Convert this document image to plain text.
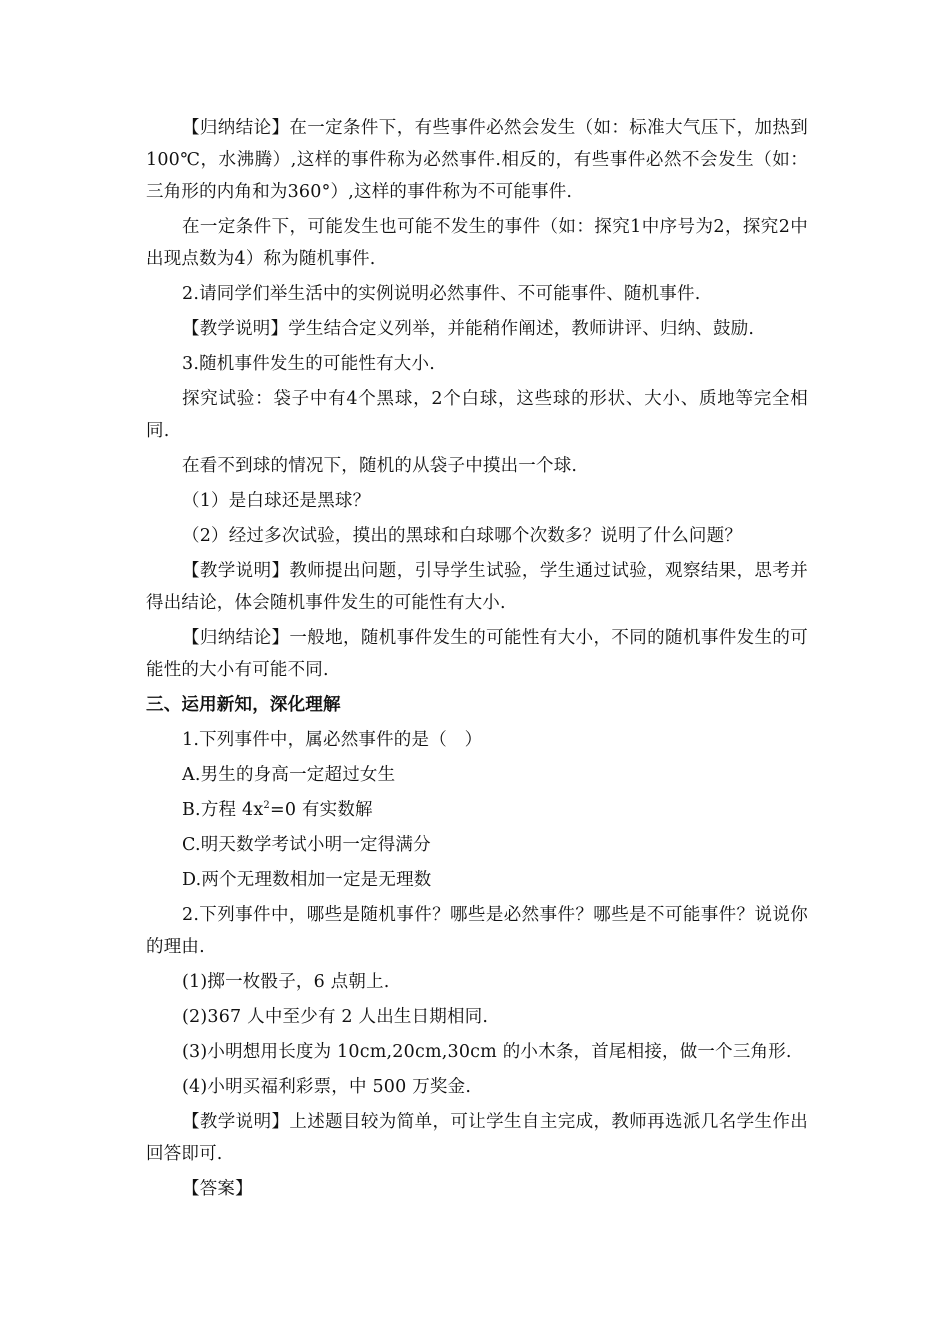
【归纳结论】在一定条件下，有些事件必然会发生（如：标准大气压下，加热到100℃，水沸腾）,这样的事件称为必然事件.相反的，有些事件必然不会发生（如：三角形的内角和为360°）,这样的事件称为不可能事件.

在一定条件下，可能发生也可能不发生的事件（如：探究1中序号为2，探究2中出现点数为4）称为随机事件.

2.请同学们举生活中的实例说明必然事件、不可能事件、随机事件.

【教学说明】学生结合定义列举，并能稍作阐述，教师讲评、归纳、鼓励.

3.随机事件发生的可能性有大小.

探究试验：袋子中有4个黑球，2个白球，这些球的形状、大小、质地等完全相同.

在看不到球的情况下，随机的从袋子中摸出一个球.

（1）是白球还是黑球？

（2）经过多次试验，摸出的黑球和白球哪个次数多？说明了什么问题？

【教学说明】教师提出问题，引导学生试验，学生通过试验，观察结果，思考并得出结论，体会随机事件发生的可能性有大小.

【归纳结论】一般地，随机事件发生的可能性有大小，不同的随机事件发生的可能性的大小有可能不同.

三、运用新知，深化理解

1.下列事件中，属必然事件的是（　）

A.男生的身高一定超过女生

B.方程 $4x^2=0$ 有实数解

C.明天数学考试小明一定得满分

D.两个无理数相加一定是无理数

2.下列事件中，哪些是随机事件？哪些是必然事件？哪些是不可能事件？说说你的理由.

(1)掷一枚骰子，6 点朝上.

(2)367 人中至少有 2 人出生日期相同.

(3)小明想用长度为 10cm,20cm,30cm 的小木条，首尾相接，做一个三角形.

(4)小明买福利彩票，中 500 万奖金.

【教学说明】上述题目较为简单，可让学生自主完成，教师再选派几名学生作出回答即可.

【答案】
